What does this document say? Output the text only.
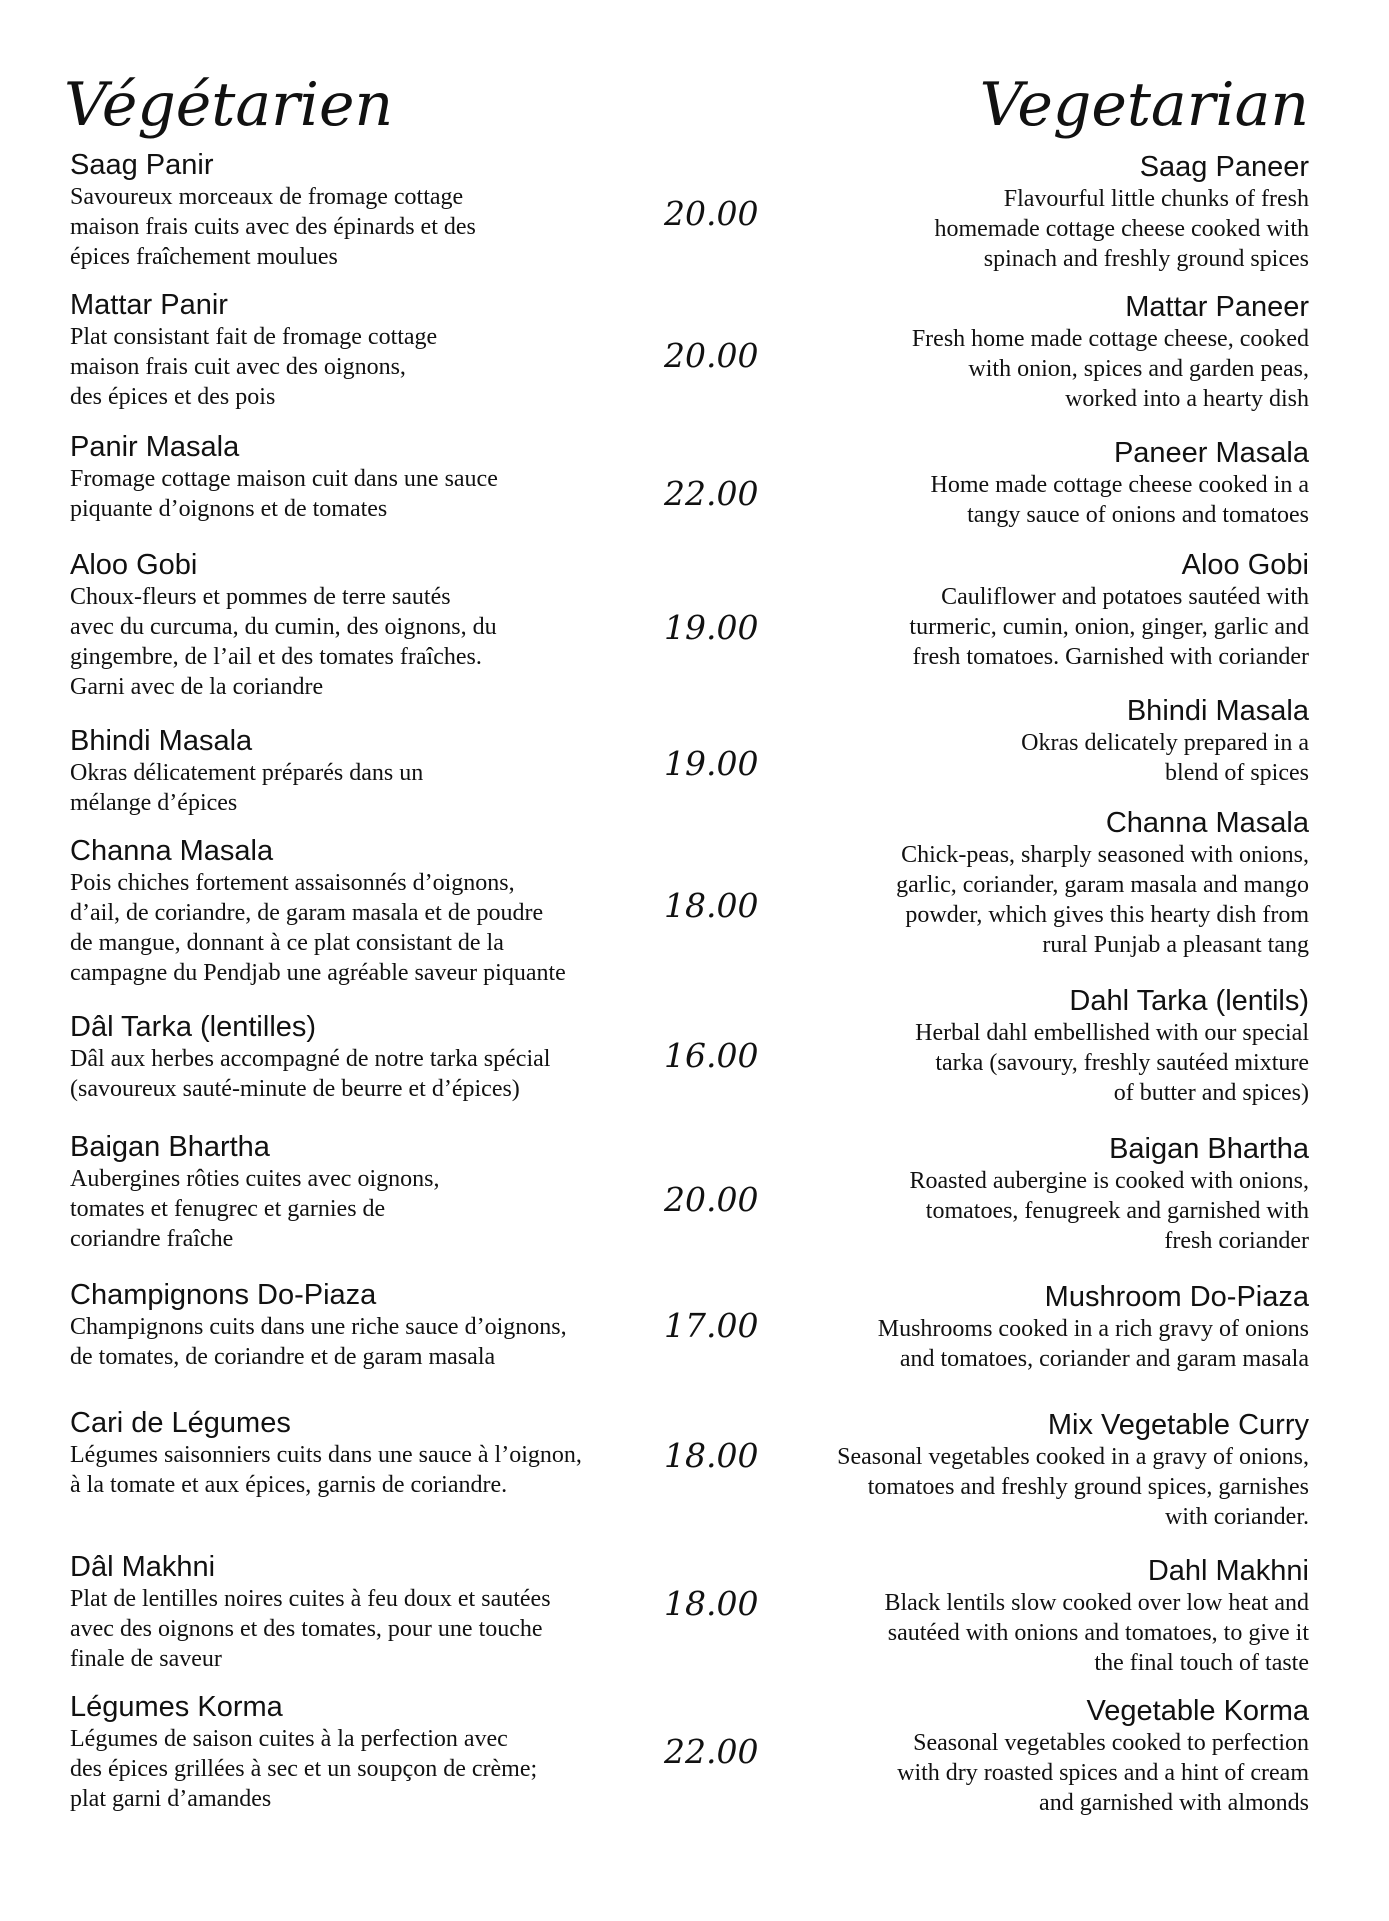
Végétarien	Vegetarian
Saag Panir
Savoureux morceaux de fromage cottage
maison frais cuits avec des épinards et des
épices fraîchement moulues
20.00
Saag Paneer
Flavourful little chunks of fresh
homemade cottage cheese cooked with
spinach and freshly ground spices
Mattar Panir
Plat consistant fait de fromage cottage
maison frais cuit avec des oignons,
des épices et des pois
20.00
Mattar Paneer
Fresh home made cottage cheese, cooked
with onion, spices and garden peas,
worked into a hearty dish
Panir Masala
Fromage cottage maison cuit dans une sauce
piquante d’oignons et de tomates	22.00
Paneer Masala
Home made cottage cheese cooked in a
tangy sauce of onions and tomatoes
Aloo Gobi
Choux-fleurs et pommes de terre sautés
avec du curcuma, du cumin, des oignons, du
gingembre, de l’ail et des tomates fraîches.
Garni avec de la coriandre
19.00
Aloo Gobi
Cauliflower and potatoes sautéed with
turmeric, cumin, onion, ginger, garlic and
fresh tomatoes. Garnished with coriander
Bhindi Masala
Okras délicatement préparés dans un
mélange d’épices
19.00
Bhindi Masala
Okras delicately prepared in a
blend of spices
Channa Masala
Pois chiches fortement assaisonnés d’oignons,
d’ail, de coriandre, de garam masala et de poudre
de mangue, donnant à ce plat consistant de la
campagne du Pendjab une agréable saveur piquante
18.00
Channa Masala
Chick-peas, sharply seasoned with onions,
garlic, coriander, garam masala and mango
powder, which gives this hearty dish from
rural Punjab a pleasant tang
Dâl Tarka (lentilles)
Dâl aux herbes accompagné de notre tarka spécial
(savoureux sauté-minute de beurre et d’épices)
16.00
Dahl Tarka (lentils)
Herbal dahl embellished with our special
tarka (savoury, freshly sautéed mixture
of butter and spices)
Baigan Bhartha
Aubergines rôties cuites avec oignons,
tomates et fenugrec et garnies de
coriandre fraîche
20.00
Baigan Bhartha
Roasted aubergine is cooked with onions,
tomatoes, fenugreek and garnished with
fresh coriander
Champignons Do-Piaza
Champignons cuits dans une riche sauce d’oignons,
de tomates, de coriandre et de garam masala
17.00
Mushroom Do-Piaza
Mushrooms cooked in a rich gravy of onions
and tomatoes, coriander and garam masala
Cari de Légumes
Légumes saisonniers cuits dans une sauce à l’oignon,
à la tomate et aux épices, garnis de coriandre.
18.00
Mix Vegetable Curry
Seasonal vegetables cooked in a gravy of onions,
tomatoes and freshly ground spices, garnishes
with coriander.
Dâl Makhni
Plat de lentilles noires cuites à feu doux et sautées
avec des oignons et des tomates, pour une touche
finale de saveur
18.00
Dahl Makhni
Black lentils slow cooked over low heat and
sautéed with onions and tomatoes, to give it
the final touch of taste
Légumes Korma
Légumes de saison cuites à la perfection avec
des épices grillées à sec et un soupçon de crème;
plat garni d’amandes
22.00
Vegetable Korma
Seasonal vegetables cooked to perfection
with dry roasted spices and a hint of cream
and garnished with almonds
